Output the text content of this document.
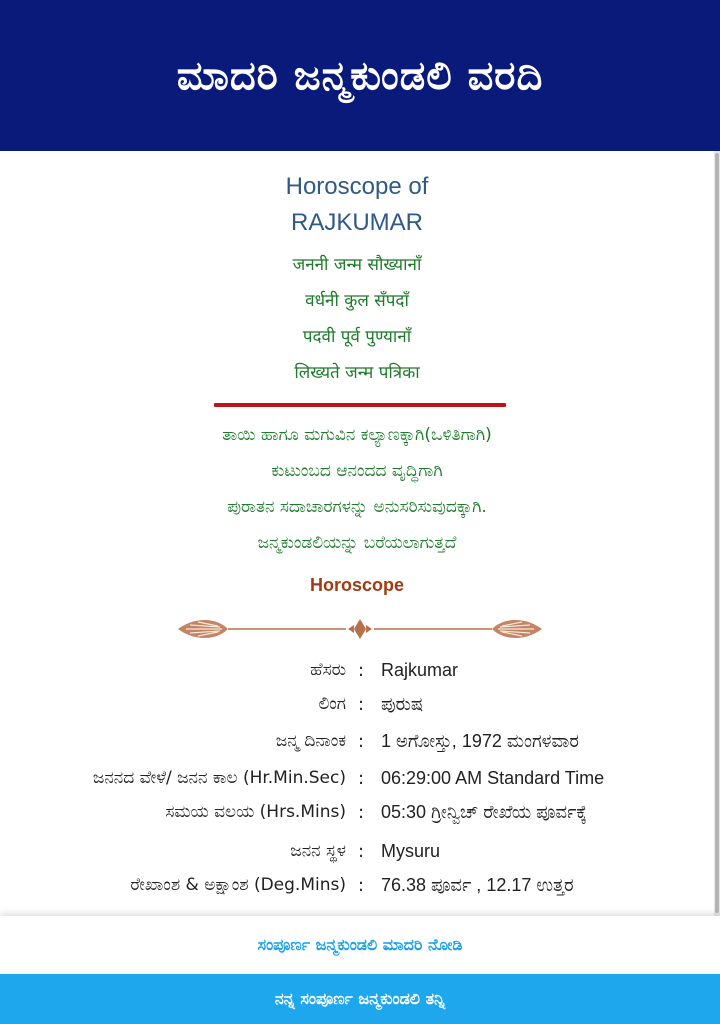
ಮಾದರಿ ಜನ್ಮಕುಂಡಲಿ ವರದಿ
Horoscope of
RAJKUMAR
जननी जन्म सौख्यानाँ
वर्धनी कुल सँपदाँ
पदवी पूर्व पुण्यानाँ
लिख्यते जन्म पत्रिका
ತಾಯಿ ಹಾಗೂ ಮಗುವಿನ ಕಲ್ಯಾಣಕ್ಕಾಗಿ(ಒಳಿತಿಗಾಗಿ)
ಕುಟುಂಬದ ಆನಂದದ ವೃದ್ಧಿಗಾಗಿ
ಪುರಾತನ ಸದಾಚಾರಗಳನ್ನು ಅನುಸರಿಸುವುದಕ್ಕಾಗಿ.
ಜನ್ಮಕುಂಡಲಿಯನ್ನು ಬರೆಯಲಾಗುತ್ತದೆ
Horoscope
ಹೆಸರು : Rajkumar
ಲಿಂಗ : ಪುರುಷ
ಜನ್ಮ ದಿನಾಂಕ : 1 ಅಗೋಸ್ತು, 1972 ಮಂಗಳವಾರ
ಜನನದ ವೇಳೆ/ ಜನನ ಕಾಲ (Hr.Min.Sec) : 06:29:00 AM Standard Time
ಸಮಯ ವಲಯ (Hrs.Mins) : 05:30 ಗ್ರೀನ್ವಿಚ್ ರೇಖೆಯ ಪೂರ್ವಕ್ಕೆ
ಜನನ ಸ್ಥಳ : Mysuru
ರೇಖಾಂಶ & ಅಕ್ಷಾಂಶ (Deg.Mins) : 76.38 ಪೂರ್ವ , 12.17 ಉತ್ತರ
ಸಂಪೂರ್ಣ ಜನ್ಮಕುಂಡಲಿ ಮಾದರಿ ನೋಡಿ
ನನ್ನ ಸಂಪೂರ್ಣ ಜನ್ಮಕುಂಡಲಿ ತನ್ನಿ
